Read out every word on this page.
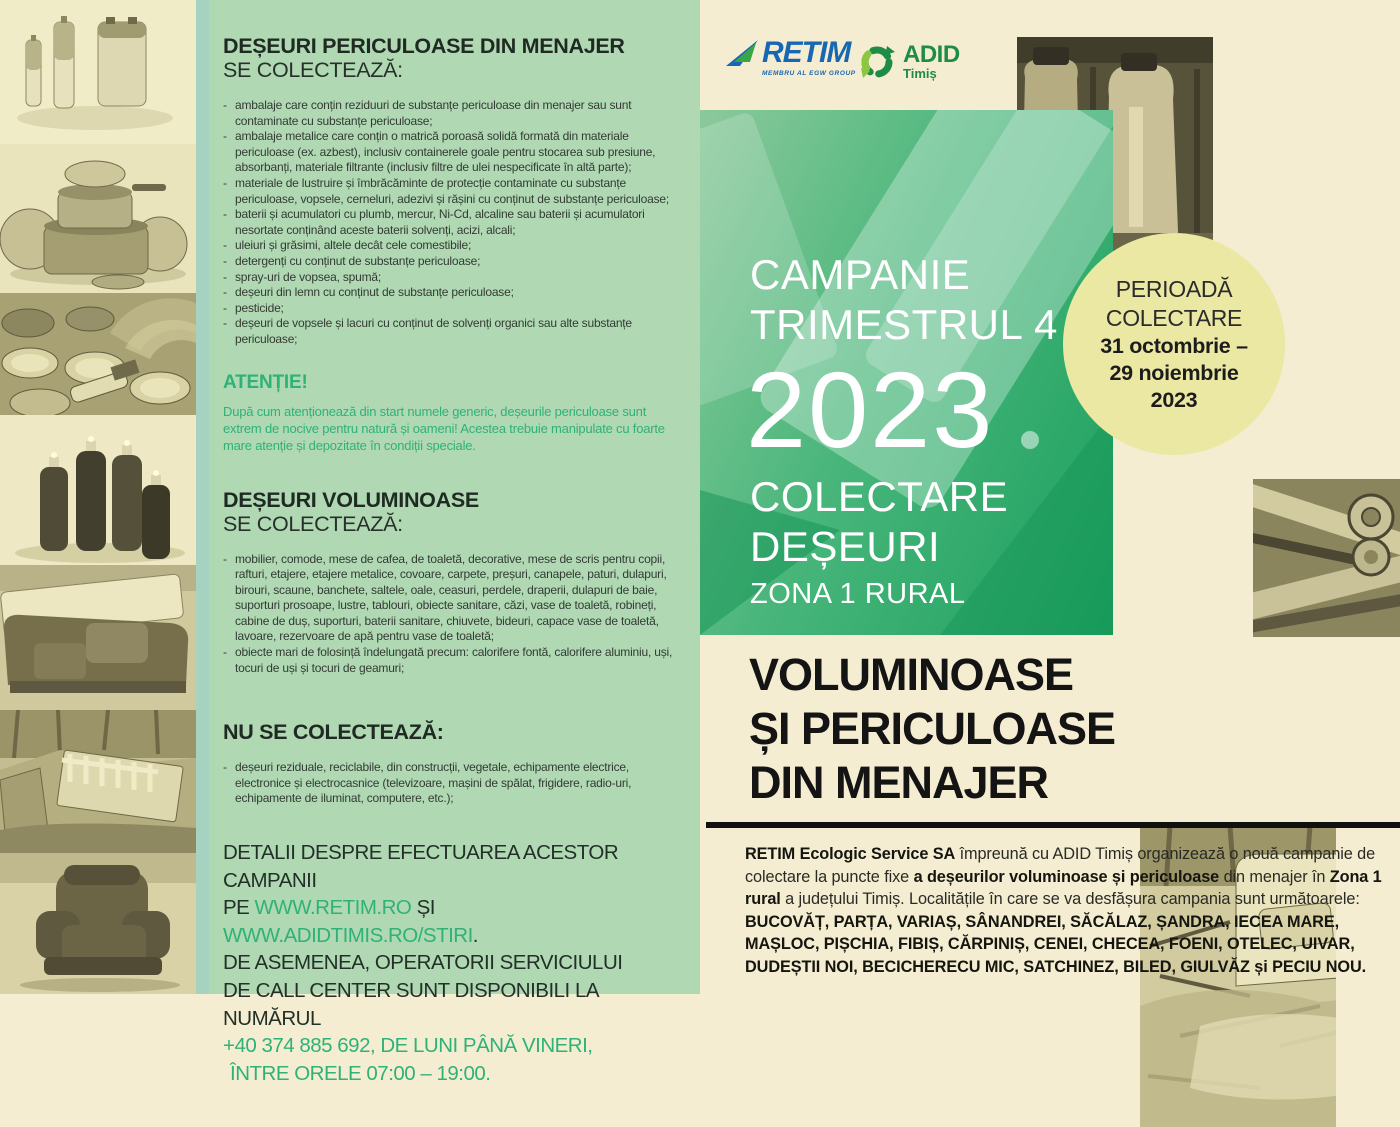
DEȘEURI PERICULOASE DIN MENAJER
SE COLECTEAZĂ:
- ambalaje care conțin reziduuri de substanțe periculoase din menajer sau sunt contaminate cu substanțe periculoase;
- ambalaje metalice care conțin o matrică poroasă solidă formată din materiale periculoase (ex. azbest), inclusiv containerele goale pentru stocarea sub presiune, absorbanți, materiale filtrante (inclusiv filtre de ulei nespecificate în altă parte);
- materiale de lustruire și îmbrăcăminte de protecție contaminate cu substanțe periculoase, vopsele, cerneluri, adezivi și rășini cu conținut de substanțe periculoase;
- baterii și acumulatori cu plumb, mercur, Ni-Cd, alcaline sau baterii și acumulatori nesortate conținând aceste baterii solvenți, acizi, alcali;
- uleiuri și grăsimi, altele decât cele comestibile;
- detergenți cu conținut de substanțe periculoase;
- spray-uri de vopsea, spumă;
- deșeuri din lemn cu conținut de substanțe periculoase;
- pesticide;
- deșeuri de vopsele și lacuri cu conținut de solvenți organici sau alte substanțe periculoase;
ATENȚIE!
După cum atenționează din start numele generic, deșeurile periculoase sunt extrem de nocive pentru natură și oameni! Acestea trebuie manipulate cu foarte mare atenție și depozitate în condiții speciale.
DEȘEURI VOLUMINOASE
SE COLECTEAZĂ:
- mobilier, comode, mese de cafea, de toaletă, decorative, mese de scris pentru copii, rafturi, etajere, etajere metalice, covoare, carpete, preșuri, canapele, paturi, dulapuri, birouri, scaune, banchete, saltele, oale, ceasuri, perdele, draperii, dulapuri de baie, suporturi prosoape, lustre, tablouri, obiecte sanitare, căzi, vase de toaletă, robineți, cabine de duș, suporturi, baterii sanitare, chiuvete, bideuri, capace vase de toaletă, lavoare, rezervoare de apă pentru vase de toaletă;
- obiecte mari de folosință îndelungată precum: calorifere fontă, calorifere aluminiu, uși, tocuri de uși și tocuri de geamuri;
NU SE COLECTEAZĂ:
- deșeuri reziduale, reciclabile, din construcții, vegetale, echipamente electrice, electronice și electrocasnice (televizoare, mașini de spălat, frigidere, radio-uri, echipamente de iluminat, computere, etc.);
DETALII DESPRE EFECTUAREA ACESTOR CAMPANII
PE WWW.RETIM.RO ȘI WWW.ADIDTIMIS.RO/STIRI.
DE ASEMENEA, OPERATORII SERVICIULUI
DE CALL CENTER SUNT DISPONIBILI LA NUMĂRUL
+40 374 885 692, DE LUNI PÂNĂ VINERI,
ÎNTRE ORELE 07:00 – 19:00.
RETIM
MEMBRU AL EGW GROUP
ADID
Timiș
CAMPANIE
TRIMESTRUL 4
2023
COLECTARE
DEȘEURI
ZONA 1 RURAL
PERIOADĂ
COLECTARE
31 octombrie –
29 noiembrie
2023
VOLUMINOASE
ȘI PERICULOASE
DIN MENAJER
RETIM Ecologic Service SA împreună cu ADID Timiș organizează o nouă campanie de colectare la puncte fixe a deșeurilor voluminoase și periculoase din menajer în Zona 1 rural a județului Timiș. Localitățile în care se va desfășura campania sunt următoarele: BUCOVĂȚ, PARȚA, VARIAȘ, SÂNANDREI, SĂCĂLAZ, ȘANDRA, IECEA MARE, MAȘLOC, PIȘCHIA, FIBIȘ, CĂRPINIȘ, CENEI, CHECEA, FOENI, OTELEC, UIVAR, DUDEȘTII NOI, BECICHERECU MIC, SATCHINEZ, BILED, GIULVĂZ și PECIU NOU.
